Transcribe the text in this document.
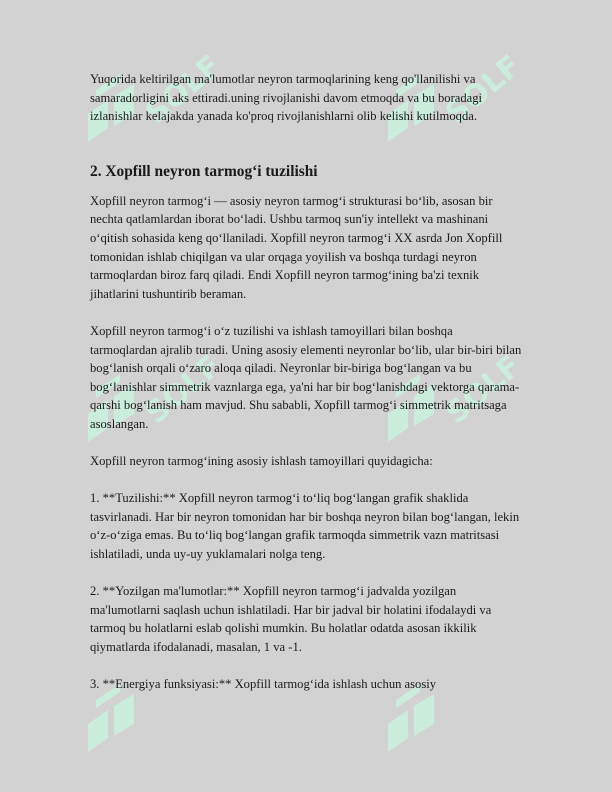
SOLF	SOLF
SOLF	SOLF

Yuqorida keltirilgan ma'lumotlar neyron tarmoqlarining keng qo'llanilishi va samaradorligini aks ettiradi.uning rivojlanishi davom etmoqda va bu boradagi izlanishlar kelajakda yanada ko'proq rivojlanishlarni olib kelishi kutilmoqda.

2. Xopfill neyron tarmog‘i tuzilishi

Xopfill neyron tarmog‘i — asosiy neyron tarmog‘i strukturasi bo‘lib, asosan bir nechta qatlamlardan iborat bo‘ladi. Ushbu tarmoq sun'iy intellekt va mashinani o‘qitish sohasida keng qo‘llaniladi. Xopfill neyron tarmog‘i XX asrda Jon Xopfill tomonidan ishlab chiqilgan va ular orqaga yoyilish va boshqa turdagi neyron tarmoqlardan biroz farq qiladi. Endi Xopfill neyron tarmog‘ining ba'zi texnik jihatlarini tushuntirib beraman.

Xopfill neyron tarmog‘i o‘z tuzilishi va ishlash tamoyillari bilan boshqa tarmoqlardan ajralib turadi. Uning asosiy elementi neyronlar bo‘lib, ular bir-biri bilan bog‘lanish orqali o‘zaro aloqa qiladi. Neyronlar bir-biriga bog‘langan va bu bog‘lanishlar simmetrik vaznlarga ega, ya'ni har bir bog‘lanishdagi vektorga qarama-qarshi bog‘lanish ham mavjud. Shu sababli, Xopfill tarmog‘i simmetrik matritsaga asoslangan.

Xopfill neyron tarmog‘ining asosiy ishlash tamoyillari quyidagicha:

1. **Tuzilishi:** Xopfill neyron tarmog‘i to‘liq bog‘langan grafik shaklida tasvirlanadi. Har bir neyron tomonidan har bir boshqa neyron bilan bog‘langan, lekin o‘z-o‘ziga emas. Bu to‘liq bog‘langan grafik tarmoqda simmetrik vazn matritsasi ishlatiladi, unda uy-uy yuklamalari nolga teng.

2. **Yozilgan ma'lumotlar:** Xopfill neyron tarmog‘i jadvalda yozilgan ma'lumotlarni saqlash uchun ishlatiladi. Har bir jadval bir holatini ifodalaydi va tarmoq bu holatlarni eslab qolishi mumkin. Bu holatlar odatda asosan ikkilik qiymatlarda ifodalanadi, masalan, 1 va -1.

3. **Energiya funksiyasi:** Xopfill tarmog‘ida ishlash uchun asosiy
